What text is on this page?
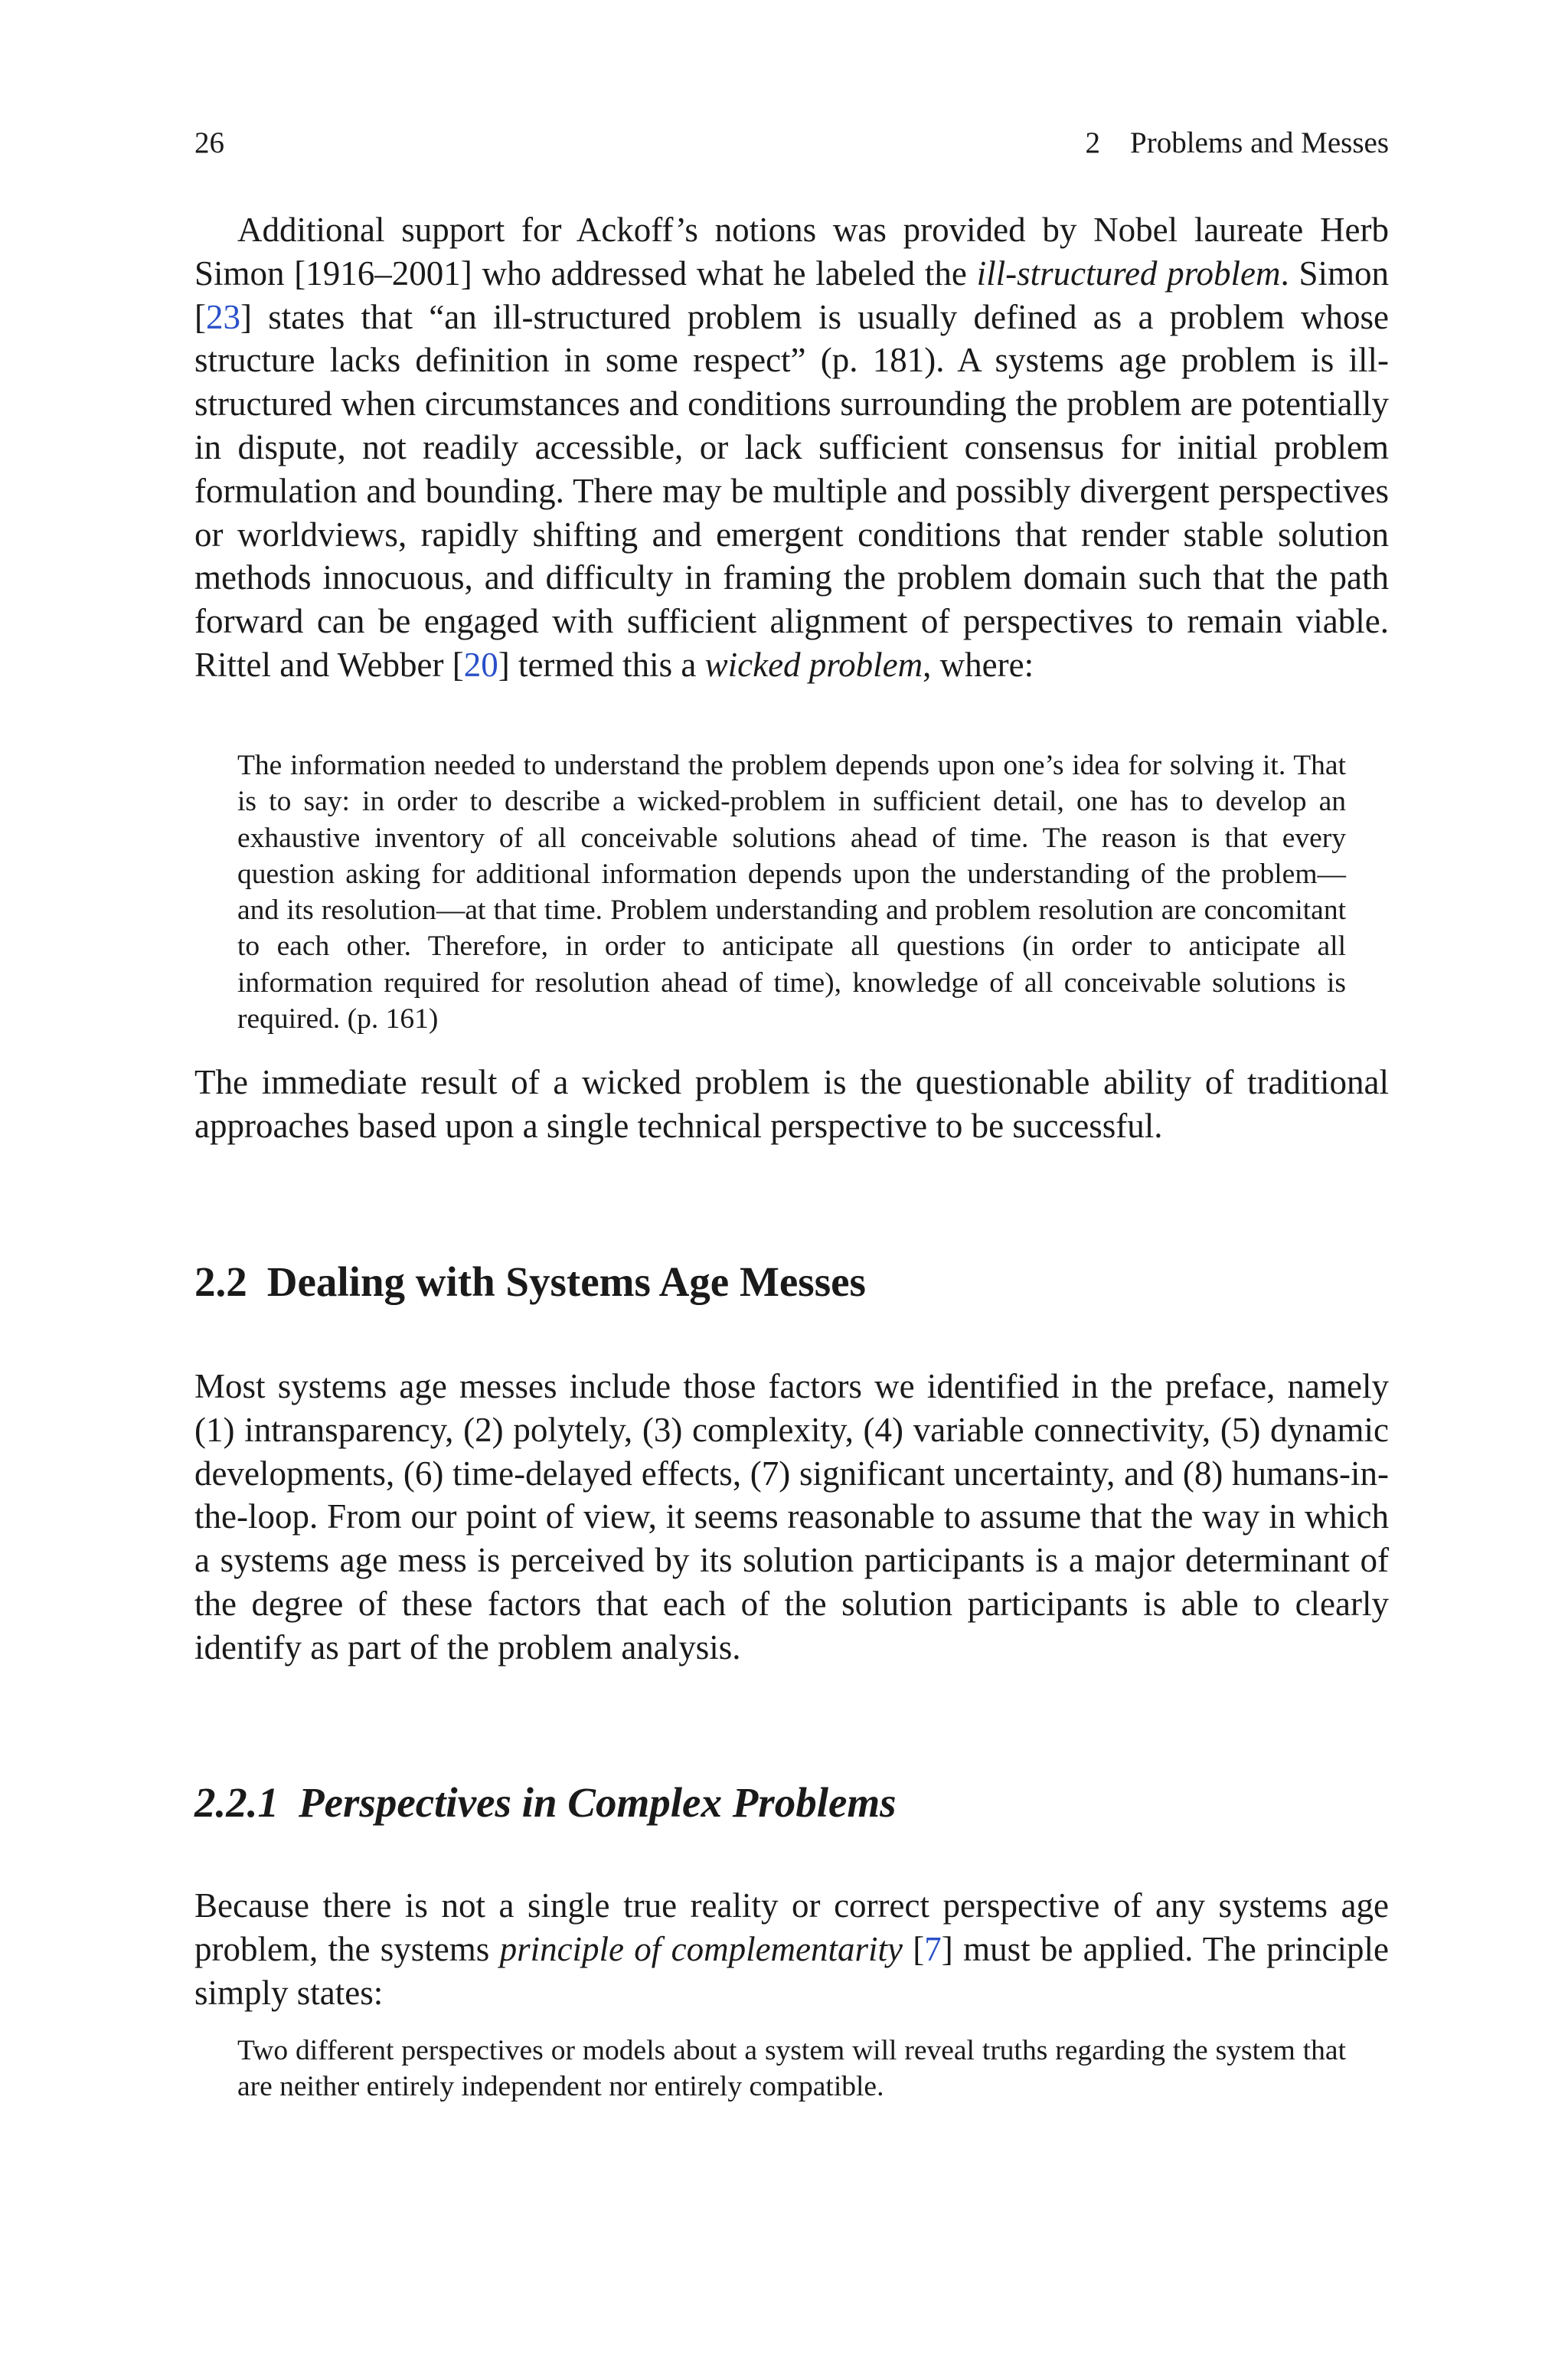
26	2 Problems and Messes

Additional support for Ackoff’s notions was provided by Nobel laureate Herb Simon [1916–2001] who addressed what he labeled the ill-structured problem. Simon [23] states that “an ill-structured problem is usually defined as a problem whose structure lacks definition in some respect” (p. 181). A systems age problem is ill-structured when circumstances and conditions surrounding the problem are potentially in dispute, not readily accessible, or lack sufficient consensus for initial problem formulation and bounding. There may be multiple and possibly divergent perspectives or worldviews, rapidly shifting and emergent conditions that render stable solution methods innocuous, and difficulty in framing the problem domain such that the path forward can be engaged with sufficient alignment of perspectives to remain viable. Rittel and Webber [20] termed this a wicked problem, where:

The information needed to understand the problem depends upon one’s idea for solving it. That is to say: in order to describe a wicked-problem in sufficient detail, one has to develop an exhaustive inventory of all conceivable solutions ahead of time. The reason is that every question asking for additional information depends upon the understanding of the problem—and its resolution—at that time. Problem understanding and problem resolution are concomitant to each other. Therefore, in order to anticipate all questions (in order to anticipate all information required for resolution ahead of time), knowledge of all conceivable solutions is required. (p. 161)

The immediate result of a wicked problem is the questionable ability of traditional approaches based upon a single technical perspective to be successful.

2.2 Dealing with Systems Age Messes

Most systems age messes include those factors we identified in the preface, namely (1) intransparency, (2) polytely, (3) complexity, (4) variable connectivity, (5) dynamic developments, (6) time-delayed effects, (7) significant uncertainty, and (8) humans-in-the-loop. From our point of view, it seems reasonable to assume that the way in which a systems age mess is perceived by its solution participants is a major determinant of the degree of these factors that each of the solution participants is able to clearly identify as part of the problem analysis.

2.2.1 Perspectives in Complex Problems

Because there is not a single true reality or correct perspective of any systems age problem, the systems principle of complementarity [7] must be applied. The principle simply states:

Two different perspectives or models about a system will reveal truths regarding the system that are neither entirely independent nor entirely compatible.
